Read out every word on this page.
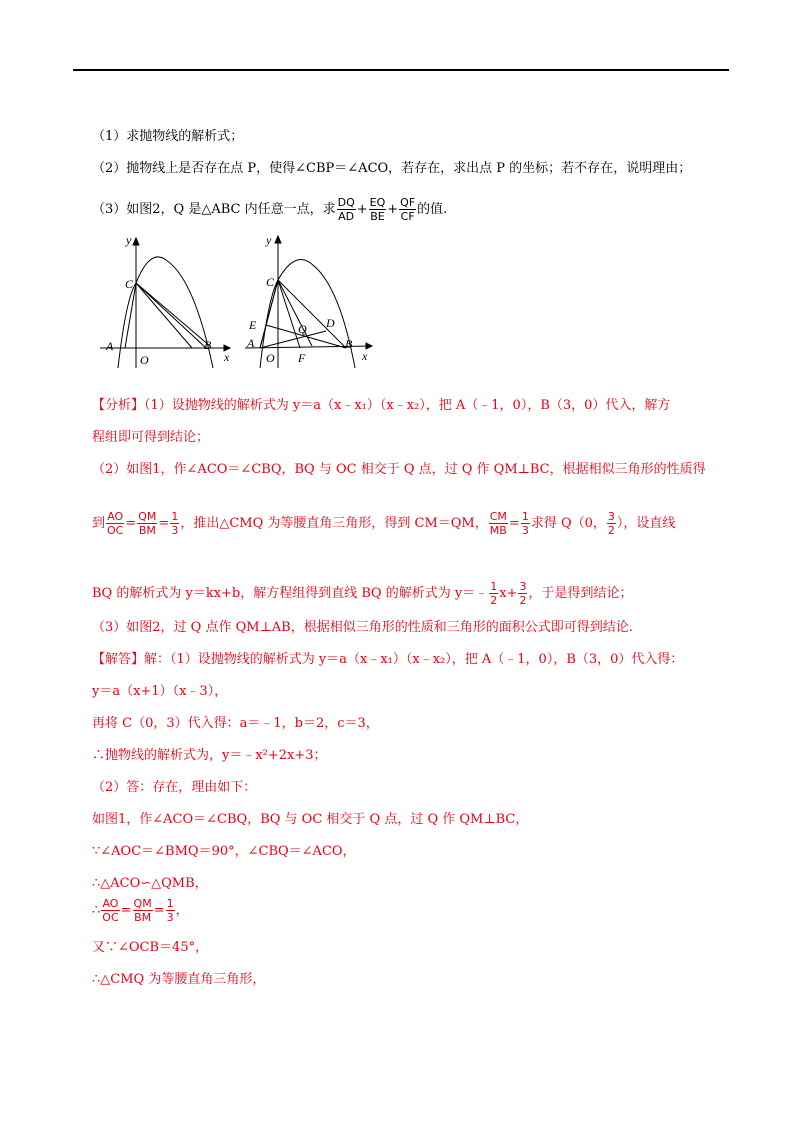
（1）求抛物线的解析式；
（2）抛物线上是否存在点 P，使得∠CBP＝∠ACO，若存在，求出点 P 的坐标；若不存在，说明理由；
（3）如图2，Q 是△ABC 内任意一点，求 $\frac{DQ}{AD} + \frac{EQ}{BE} + \frac{QF}{CF}$ 的值.
A
y
C
O
B
x
y
C
E	D
Q
A
O F
B
x
【分析】（1）设抛物线的解析式为 y＝a（x﹣x₁）（x﹣x₂），把 A（﹣1，0），B（3，0）代入，解方
程组即可得到结论；
（2）如图1，作∠ACO＝∠CBQ，BQ 与 OC 相交于 Q 点，过 Q 作 QM⊥BC，根据相似三角形的性质得
到 $\frac{AO}{OC} = \frac{QM}{BM} = \frac{1}{3}$ ，推出△CMQ 为等腰直角三角形，得到 CM＝QM， $\frac{CM}{MB} = \frac{1}{3}$ 求得 Q（0， $\frac{3}{2}$ ），设直线
BQ 的解析式为 y＝kx+b，解方程组得到直线 BQ 的解析式为 y＝﹣ $\frac{1}{2} x+ \frac{3}{2}$ ，于是得到结论；
（3）如图2，过 Q 点作 QM⊥AB，根据相似三角形的性质和三角形的面积公式即可得到结论.
【解答】解：（1）设抛物线的解析式为 y＝a（x﹣x₁）（x﹣x₂），把 A（﹣1，0），B（3，0）代入得：
y＝a（x+1）（x﹣3），
再将 C（0，3）代入得：a＝﹣1，b＝2，c＝3，
∴抛物线的解析式为，y＝﹣x²+2x+3；
（2）答：存在，理由如下：
如图1，作∠ACO＝∠CBQ，BQ 与 OC 相交于 Q 点，过 Q 作 QM⊥BC，
∵∠AOC＝∠BMQ＝90°，∠CBQ＝∠ACO，
∴△ACO∽△QMB，
∴ $\frac{AO}{OC} = \frac{QM}{BM} = \frac{1}{3}$ ，
又∵∠OCB＝45°，
∴△CMQ 为等腰直角三角形，
